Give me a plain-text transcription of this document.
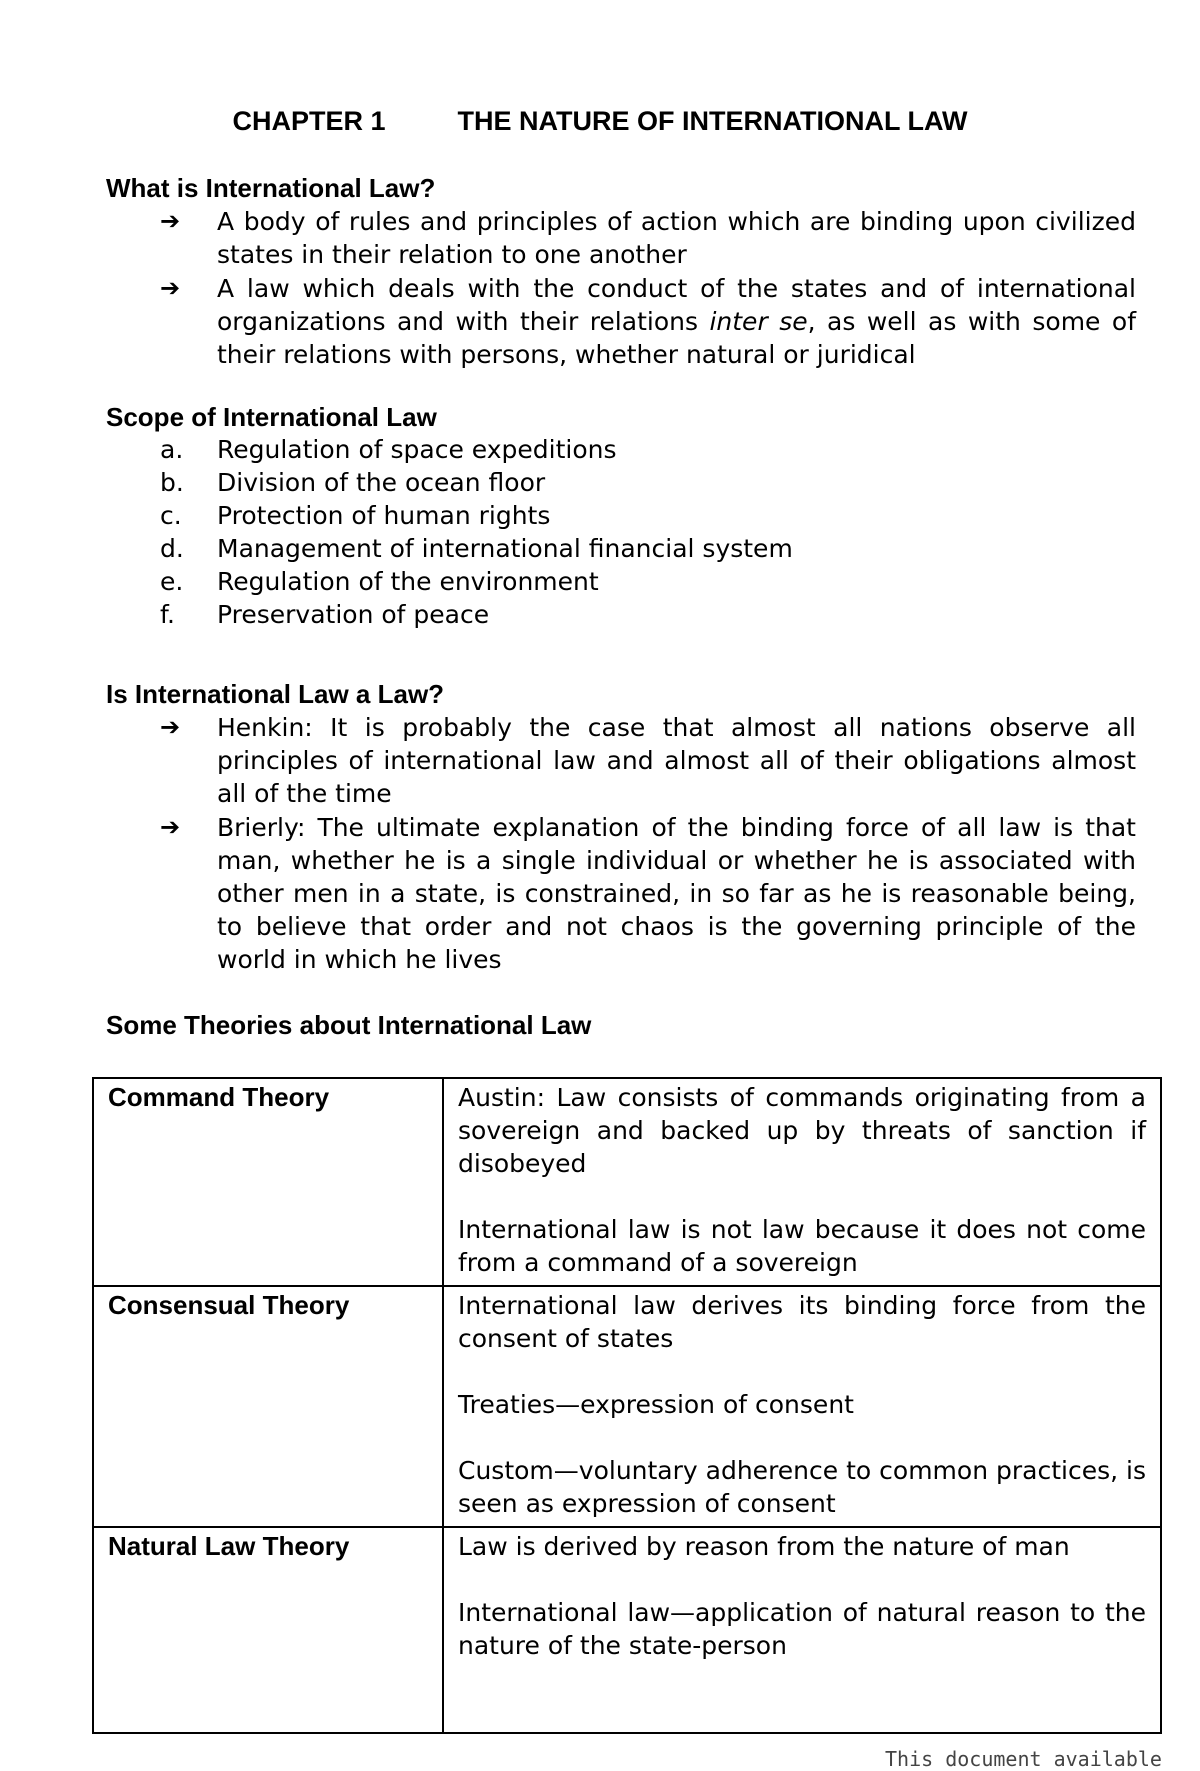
CHAPTER 1	THE NATURE OF INTERNATIONAL LAW
What is International Law?
➔	A body of rules and principles of action which are binding upon civilized states in their relation to one another
➔	A law which deals with the conduct of the states and of international organizations and with their relations inter se, as well as with some of their relations with persons, whether natural or juridical
Scope of International Law
a.	Regulation of space expeditions
b.	Division of the ocean floor
c.	Protection of human rights
d.	Management of international financial system
e.	Regulation of the environment
f.	Preservation of peace
Is International Law a Law?
➔	Henkin: It is probably the case that almost all nations observe all principles of international law and almost all of their obligations almost all of the time
➔	Brierly: The ultimate explanation of the binding force of all law is that man, whether he is a single individual or whether he is associated with other men in a state, is constrained, in so far as he is reasonable being, to believe that order and not chaos is the governing principle of the world in which he lives
Some Theories about International Law
Command Theory	Austin: Law consists of commands originating from a sovereign and backed up by threats of sanction if disobeyed

International law is not law because it does not come from a command of a sovereign

Consensual Theory	International law derives its binding force from the consent of states

Treaties—expression of consent

Custom—voluntary adherence to common practices, is seen as expression of consent

Natural Law Theory	Law is derived by reason from the nature of man

International law—application of natural reason to the nature of the state-person

This document available
